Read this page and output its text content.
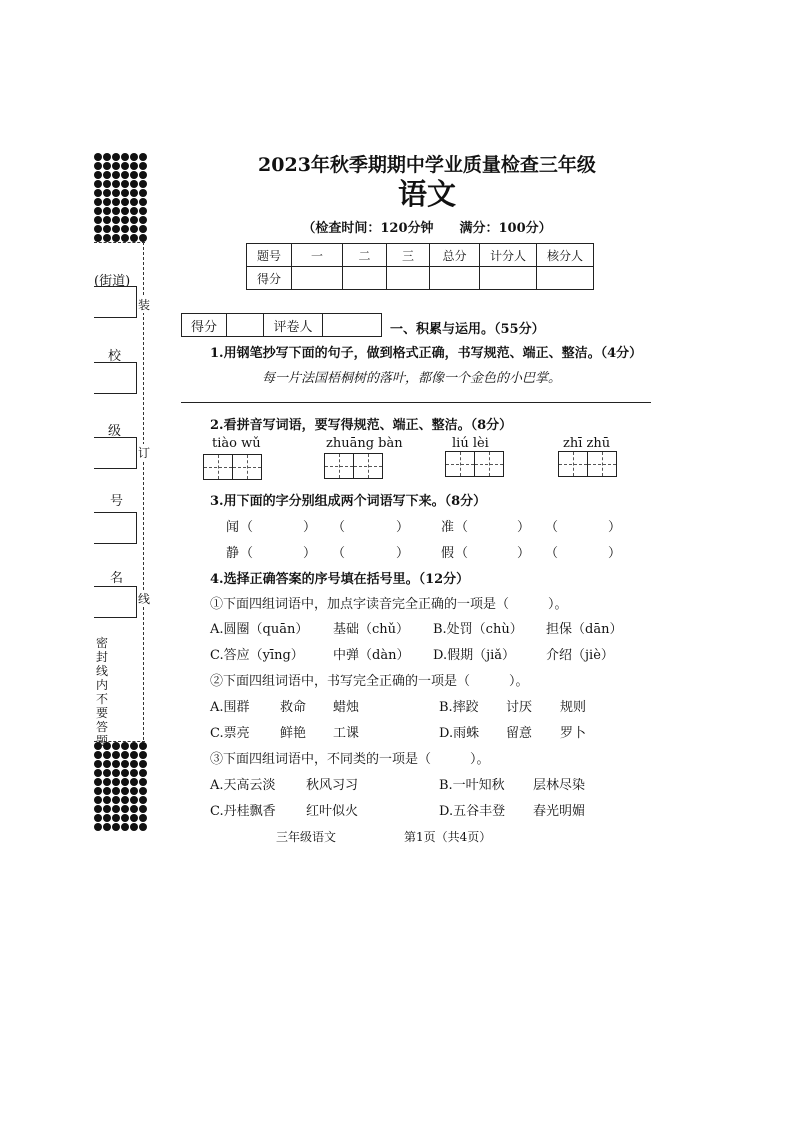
(街道)
校
级
号
名
装
订
线
密封线内不要答题
2023年秋季期期中学业质量检查三年级
语文
（检查时间：120分钟　　满分：100分）
题号	一	二	三	总分	计分人	核分人
得分						
得分		评卷人		一、积累与运用。（55分）
1.用钢笔抄写下面的句子，做到格式正确，书写规范、端正、整洁。（4分）
每一片法国梧桐树的落叶，都像一个金色的小巴掌。
2.看拼音写词语，要写得规范、端正、整洁。（8分）
tiào wǔ	zhuāng bàn	liú lèi	zhī zhū
3.用下面的字分别组成两个词语写下来。（8分）
闻 （	） （	） 准 （	） （	）
静 （	） （	） 假 （	） （	）
4.选择正确答案的序号填在括号里。（12分）
①下面四组词语中，加点字读音完全正确的一项是（　　　）。
A.圆圈（quān） 基础（chǔ） B.处罚（chù） 担保（dān）
C.答应（yīng） 中弹（dàn） D.假期（jiǎ） 介绍（jiè）
②下面四组词语中，书写完全正确的一项是（　　　）。
A.围群 救命 蜡烛	B.摔跤 讨厌 规则
C.票亮 鲜艳 工课	D.雨蛛 留意 罗卜
③下面四组词语中，不同类的一项是（　　　）。
A.天高云淡 秋风习习	B.一叶知秋 层林尽染
C.丹桂飘香 红叶似火	D.五谷丰登 春光明媚
三年级语文	第1页（共4页）
